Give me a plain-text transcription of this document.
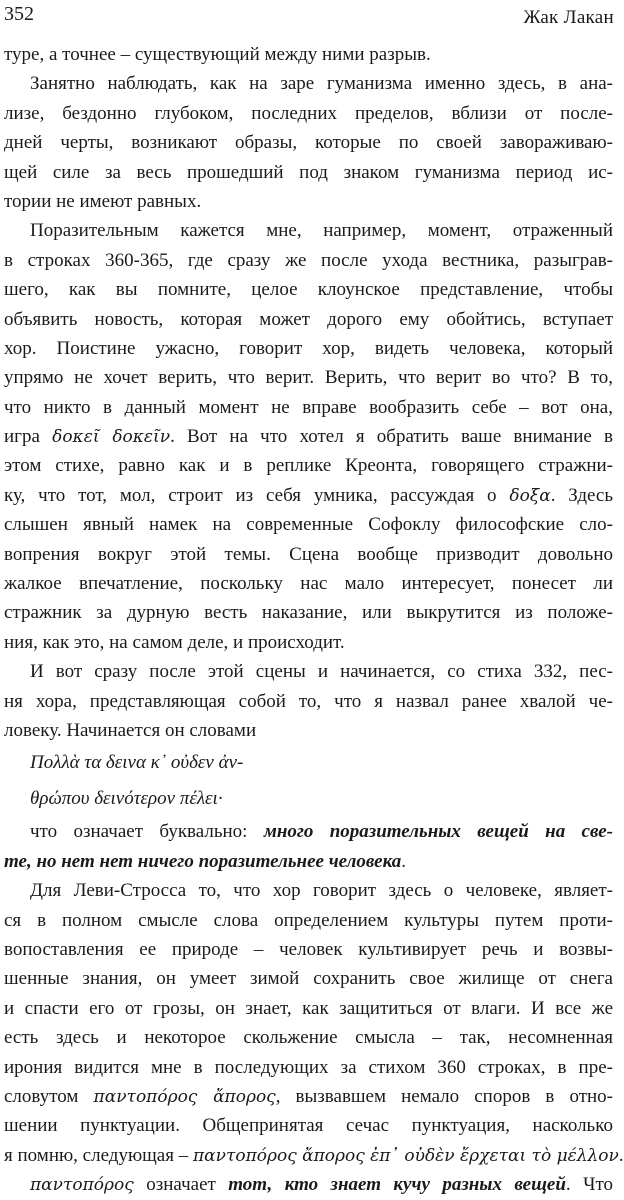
352	Жак Лакан
туре, а точнее – существующий между ними разрыв.
Занятно наблюдать, как на заре гуманизма именно здесь, в ана-
лизе, бездонно глубоком, последних пределов, вблизи от после-
дней черты, возникают образы, которые по своей завораживаю-
щей силе за весь прошедший под знаком гуманизма период ис-
тории не имеют равных.
Поразительным кажется мне, например, момент, отраженный
в строках 360-365, где сразу же после ухода вестника, разыграв-
шего, как вы помните, целое клоунское представление, чтобы
объявить новость, которая может дорого ему обойтись, вступает
хор. Поистине ужасно, говорит хор, видеть человека, который
упрямо не хочет верить, что верит. Верить, что верит во что? В то,
что никто в данный момент не вправе вообразить себе – вот она,
игра δοκεῖ δοκεῖν. Вот на что хотел я обратить ваше внимание в
этом стихе, равно как и в реплике Креонта, говорящего стражни-
ку, что тот, мол, строит из себя умника, рассуждая о δοξα. Здесь
слышен явный намек на современные Софоклу философские сло-
вопрения вокруг этой темы. Сцена вообще призводит довольно
жалкое впечатление, поскольку нас мало интересует, понесет ли
стражник за дурную весть наказание, или выкрутится из положе-
ния, как это, на самом деле, и происходит.
И вот сразу после этой сцены и начинается, со стиха 332, пес-
ня хора, представляющая собой то, что я назвал ранее хвалой че-
ловеку. Начинается он словами
Πολλὰ τα δεινα κ᾽ οὐδεν ἀν-
θρώπου δεινότερον πέλει·
что означает буквально: много поразительных вещей на све-
те, но нет нет ничего поразительнее человека.
Для Леви-Стросса то, что хор говорит здесь о человеке, являет-
ся в полном смысле слова определением культуры путем проти-
вопоставления ее природе – человек культивирует речь и возвы-
шенные знания, он умеет зимой сохранить свое жилище от снега
и спасти его от грозы, он знает, как защититься от влаги. И все же
есть здесь и некоторое скольжение смысла – так, несомненная
ирония видится мне в последующих за стихом 360 строках, в пре-
словутом παντοπόρος ἄπορος, вызвавшем немало споров в отно-
шении пунктуации. Общепринятая сечас пунктуация, насколько
я помню, следующая – παντοπόρος ἄπορος ἐπ᾽ οὐδὲν ἔρχεται τὸ μέλλον.
παντοπόρος означает тот, кто знает кучу разных вещей. Что
